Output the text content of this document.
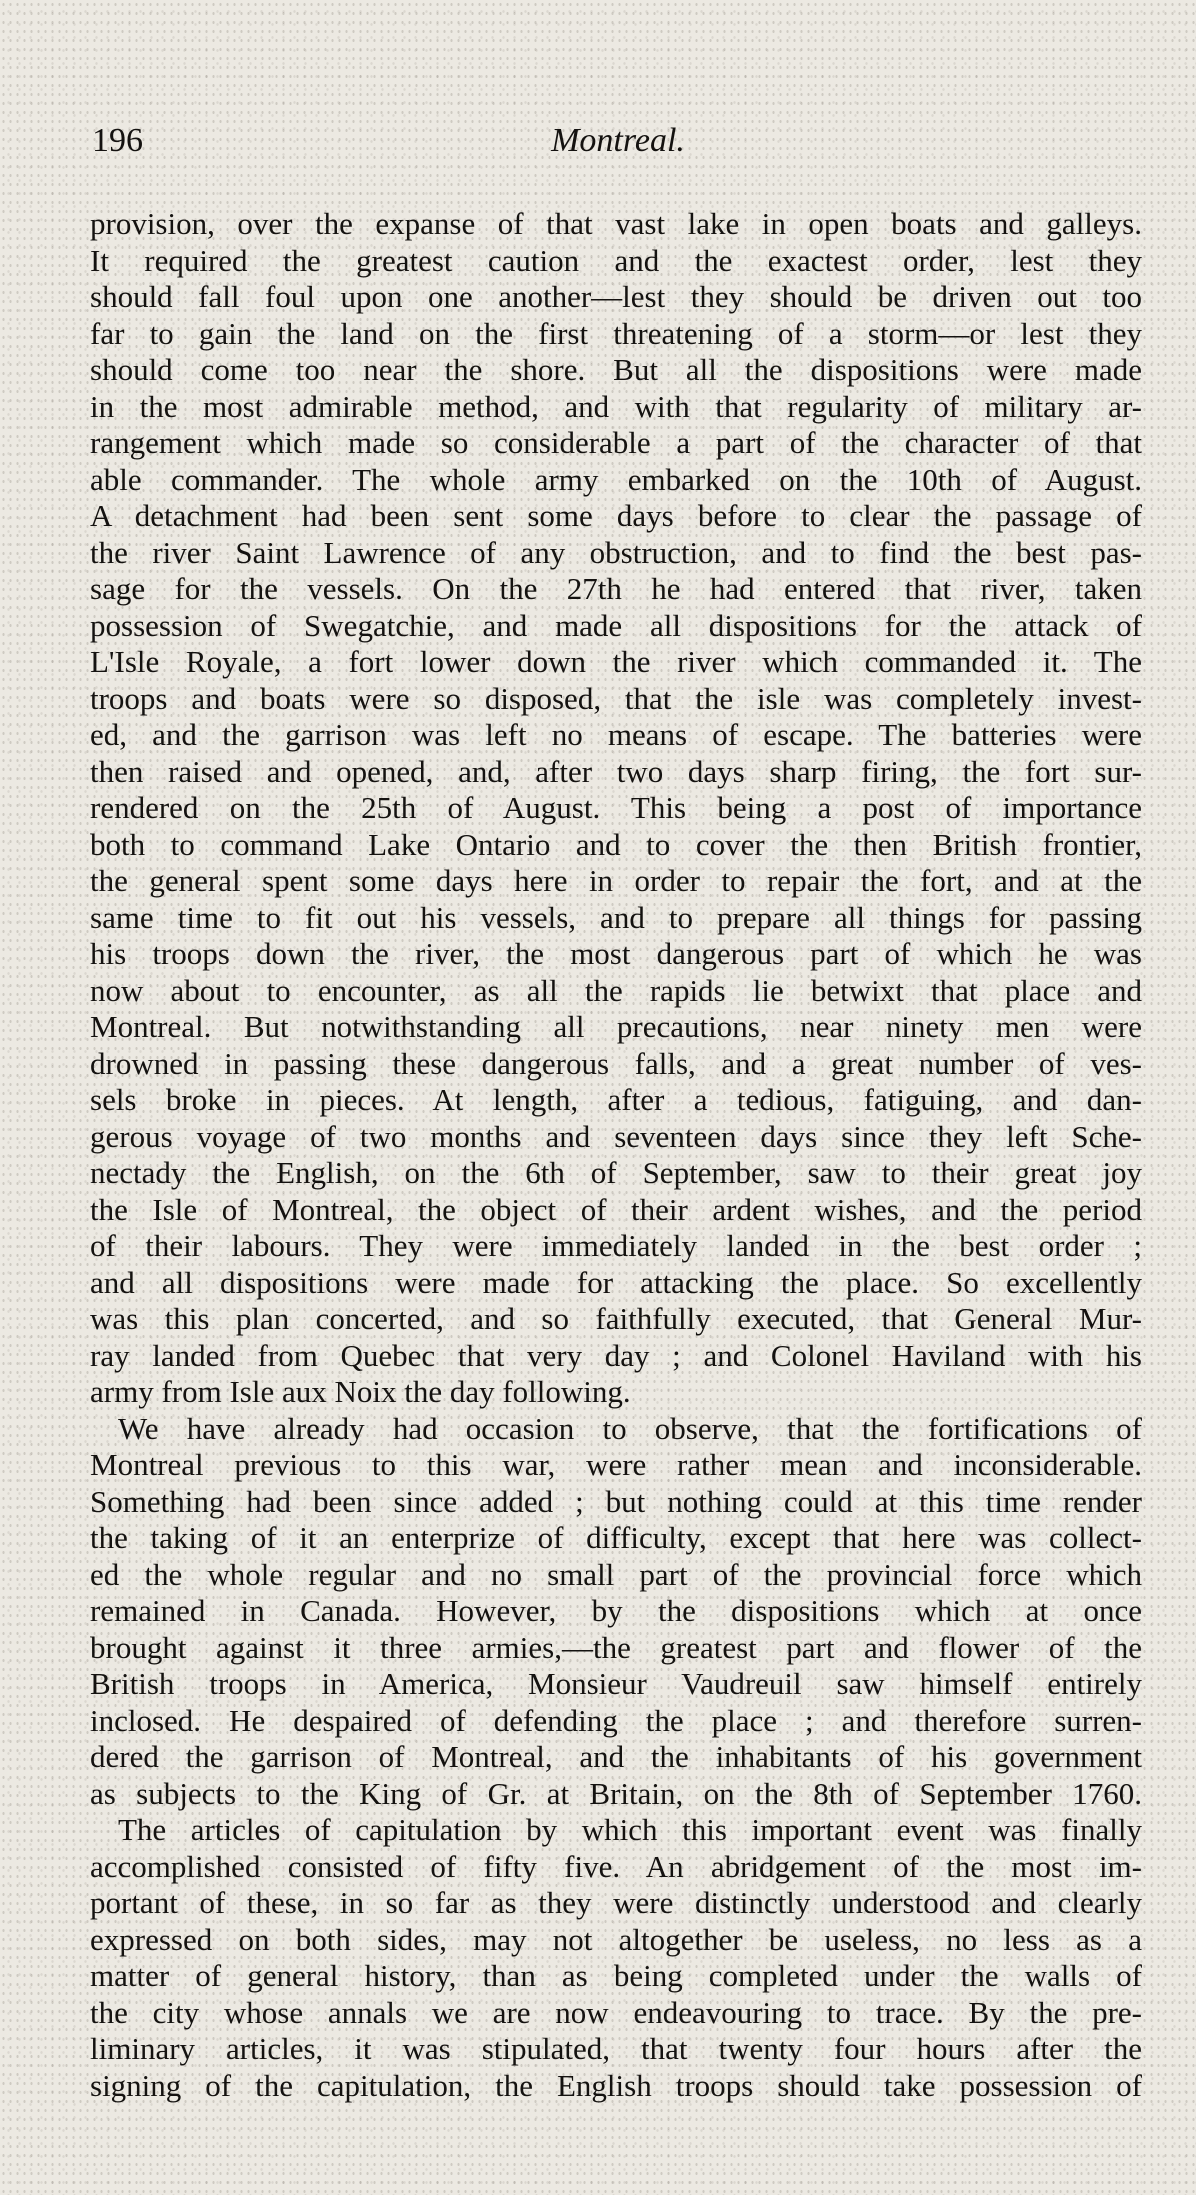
196	Montreal.
provision, over the expanse of that vast lake in open boats and galleys.
It required the greatest caution and the exactest order, lest they
should fall foul upon one another—lest they should be driven out too
far to gain the land on the first threatening of a storm—or lest they
should come too near the shore. But all the dispositions were made
in the most admirable method, and with that regularity of military ar-
rangement which made so considerable a part of the character of that
able commander. The whole army embarked on the 10th of August.
A detachment had been sent some days before to clear the passage of
the river Saint Lawrence of any obstruction, and to find the best pas-
sage for the vessels. On the 27th he had entered that river, taken
possession of Swegatchie, and made all dispositions for the attack of
L'Isle Royale, a fort lower down the river which commanded it. The
troops and boats were so disposed, that the isle was completely invest-
ed, and the garrison was left no means of escape. The batteries were
then raised and opened, and, after two days sharp firing, the fort sur-
rendered on the 25th of August. This being a post of importance
both to command Lake Ontario and to cover the then British frontier,
the general spent some days here in order to repair the fort, and at the
same time to fit out his vessels, and to prepare all things for passing
his troops down the river, the most dangerous part of which he was
now about to encounter, as all the rapids lie betwixt that place and
Montreal. But notwithstanding all precautions, near ninety men were
drowned in passing these dangerous falls, and a great number of ves-
sels broke in pieces. At length, after a tedious, fatiguing, and dan-
gerous voyage of two months and seventeen days since they left Sche-
nectady the English, on the 6th of September, saw to their great joy
the Isle of Montreal, the object of their ardent wishes, and the period
of their labours. They were immediately landed in the best order ;
and all dispositions were made for attacking the place. So excellently
was this plan concerted, and so faithfully executed, that General Mur-
ray landed from Quebec that very day ; and Colonel Haviland with his
army from Isle aux Noix the day following.
We have already had occasion to observe, that the fortifications of
Montreal previous to this war, were rather mean and inconsiderable.
Something had been since added ; but nothing could at this time render
the taking of it an enterprize of difficulty, except that here was collect-
ed the whole regular and no small part of the provincial force which
remained in Canada. However, by the dispositions which at once
brought against it three armies,—the greatest part and flower of the
British troops in America, Monsieur Vaudreuil saw himself entirely
inclosed. He despaired of defending the place ; and therefore surren-
dered the garrison of Montreal, and the inhabitants of his government
as subjects to the King of Gr. at Britain, on the 8th of September 1760.
The articles of capitulation by which this important event was finally
accomplished consisted of fifty five. An abridgement of the most im-
portant of these, in so far as they were distinctly understood and clearly
expressed on both sides, may not altogether be useless, no less as a
matter of general history, than as being completed under the walls of
the city whose annals we are now endeavouring to trace. By the pre-
liminary articles, it was stipulated, that twenty four hours after the
signing of the capitulation, the English troops should take possession of
